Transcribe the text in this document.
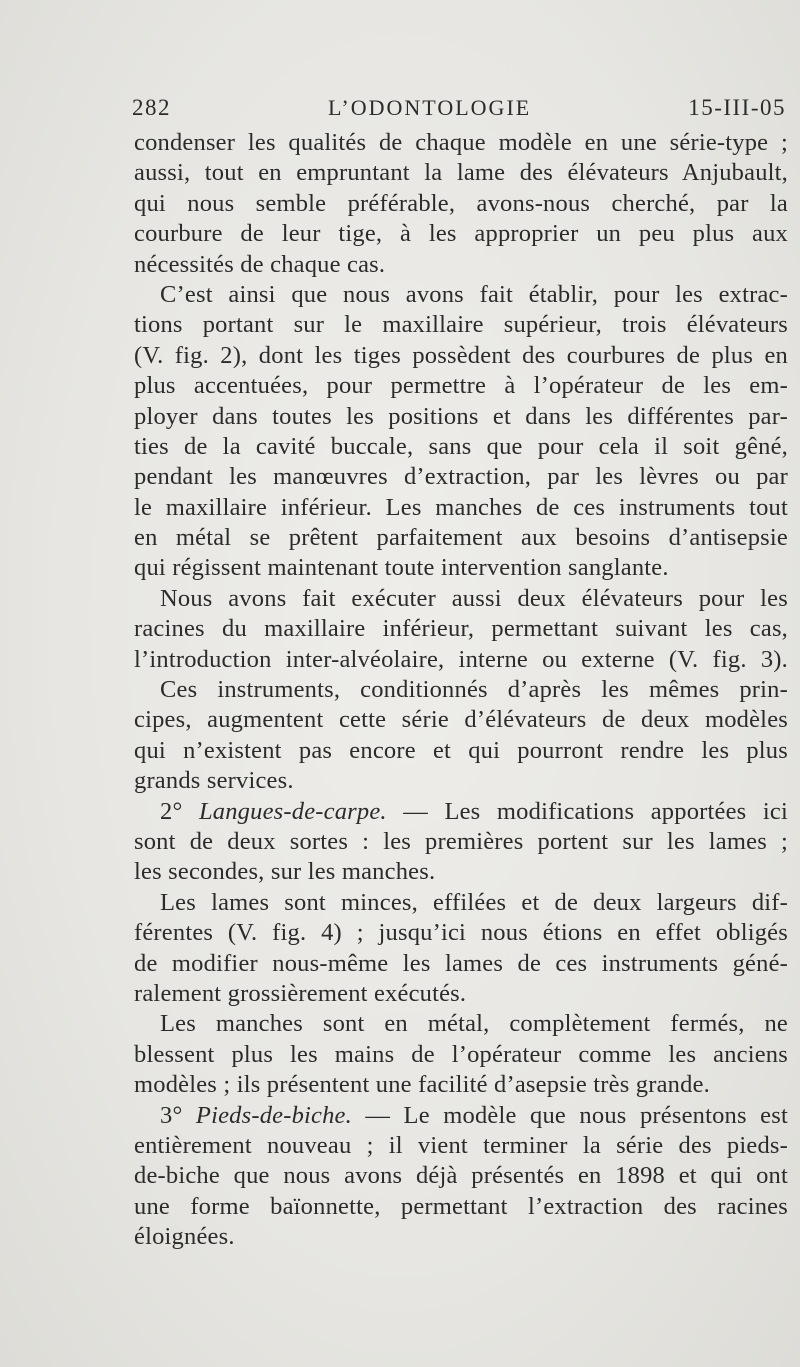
282	L’ODONTOLOGIE	15-III-05
condenser les qualités de chaque modèle en une série-type ;
aussi, tout en empruntant la lame des élévateurs Anjubault,
qui nous semble préférable, avons-nous cherché, par la
courbure de leur tige, à les approprier un peu plus aux
nécessités de chaque cas.
C’est ainsi que nous avons fait établir, pour les extrac-
tions portant sur le maxillaire supérieur, trois élévateurs
(V. fig. 2), dont les tiges possèdent des courbures de plus en
plus accentuées, pour permettre à l’opérateur de les em-
ployer dans toutes les positions et dans les différentes par-
ties de la cavité buccale, sans que pour cela il soit gêné,
pendant les manœuvres d’extraction, par les lèvres ou par
le maxillaire inférieur. Les manches de ces instruments tout
en métal se prêtent parfaitement aux besoins d’antisepsie
qui régissent maintenant toute intervention sanglante.
Nous avons fait exécuter aussi deux élévateurs pour les
racines du maxillaire inférieur, permettant suivant les cas,
l’introduction inter-alvéolaire, interne ou externe (V. fig. 3).
Ces instruments, conditionnés d’après les mêmes prin-
cipes, augmentent cette série d’élévateurs de deux modèles
qui n’existent pas encore et qui pourront rendre les plus
grands services.
2° Langues-de-carpe. — Les modifications apportées ici
sont de deux sortes : les premières portent sur les lames ;
les secondes, sur les manches.
Les lames sont minces, effilées et de deux largeurs dif-
férentes (V. fig. 4) ; jusqu’ici nous étions en effet obligés
de modifier nous-même les lames de ces instruments géné-
ralement grossièrement exécutés.
Les manches sont en métal, complètement fermés, ne
blessent plus les mains de l’opérateur comme les anciens
modèles ; ils présentent une facilité d’asepsie très grande.
3° Pieds-de-biche. — Le modèle que nous présentons est
entièrement nouveau ; il vient terminer la série des pieds-
de-biche que nous avons déjà présentés en 1898 et qui ont
une forme baïonnette, permettant l’extraction des racines
éloignées.
